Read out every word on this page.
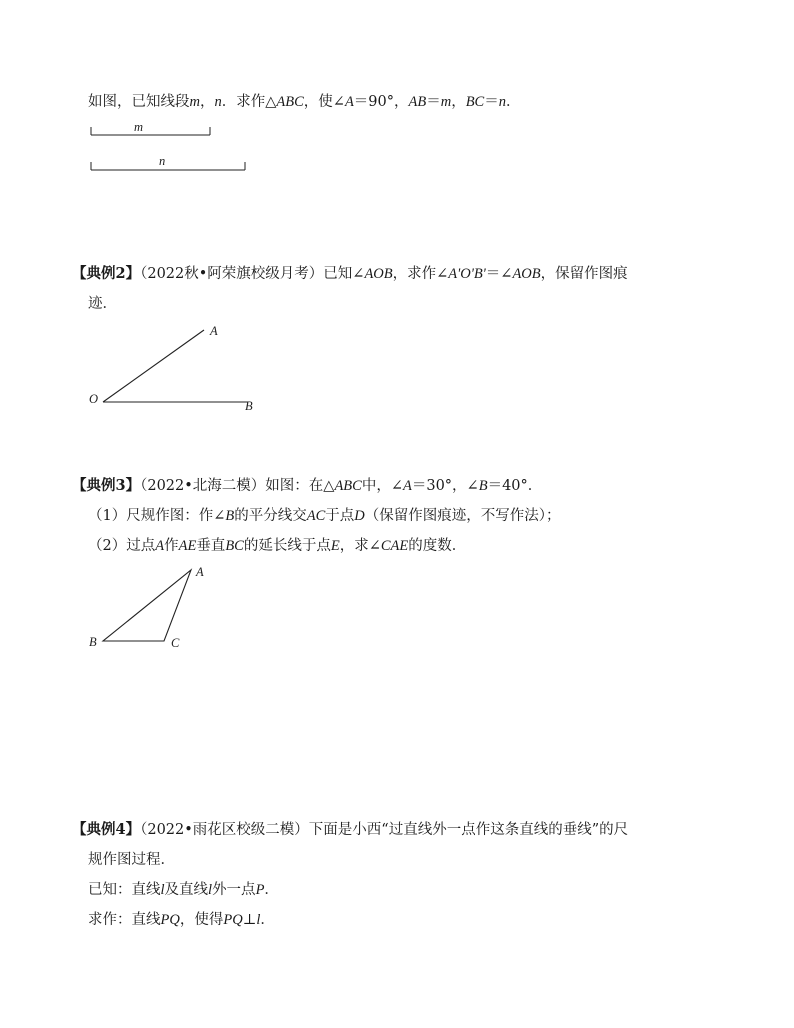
如图，已知线段m，n．求作△ABC，使∠A＝90°，AB＝m，BC＝n．
m
n
A
O	B
A
B	C
【典例2】（2022秋•阿荣旗校级月考）已知∠AOB，求作∠A'O'B'＝∠AOB，保留作图痕
迹．
【典例3】（2022•北海二模）如图：在△ABC中，∠A＝30°，∠B＝40°．
（1）尺规作图：作∠B的平分线交AC于点D（保留作图痕迹，不写作法）；
（2）过点A作AE垂直BC的延长线于点E，求∠CAE的度数．
【典例4】（2022•雨花区校级二模）下面是小西“过直线外一点作这条直线的垂线”的尺
规作图过程．
已知：直线l及直线l外一点P．
求作：直线PQ，使得PQ⊥l．
